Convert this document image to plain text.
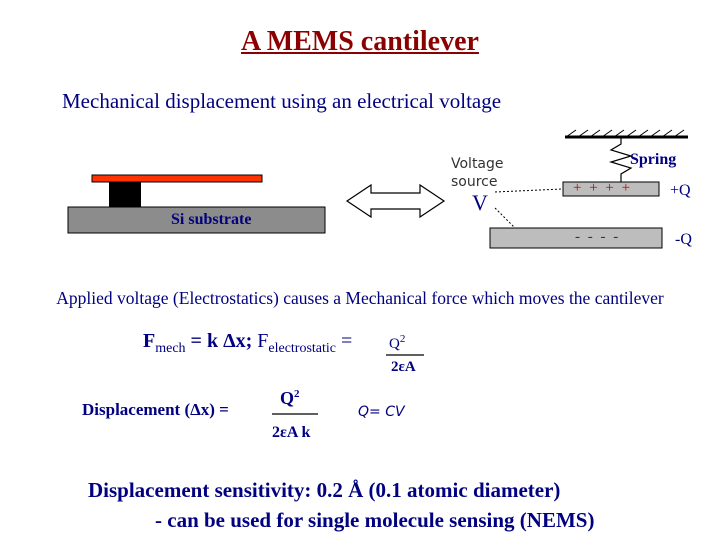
A MEMS cantilever
Mechanical displacement using an electrical voltage
Voltage source
V
Spring
+ + + + +Q
- - - -	-Q
Si substrate
Applied voltage (Electrostatics) causes a Mechanical force which moves the cantilever
$F_{mech} = k$ Δx; $F_{electrostatic} = Q^2$
2εA
Displacement (Δx) =
$Q^2$
2εA k
Q= CV
Displacement sensitivity: 0.2 Å (0.1 atomic diameter)
- can be used for single molecule sensing (NEMS)
